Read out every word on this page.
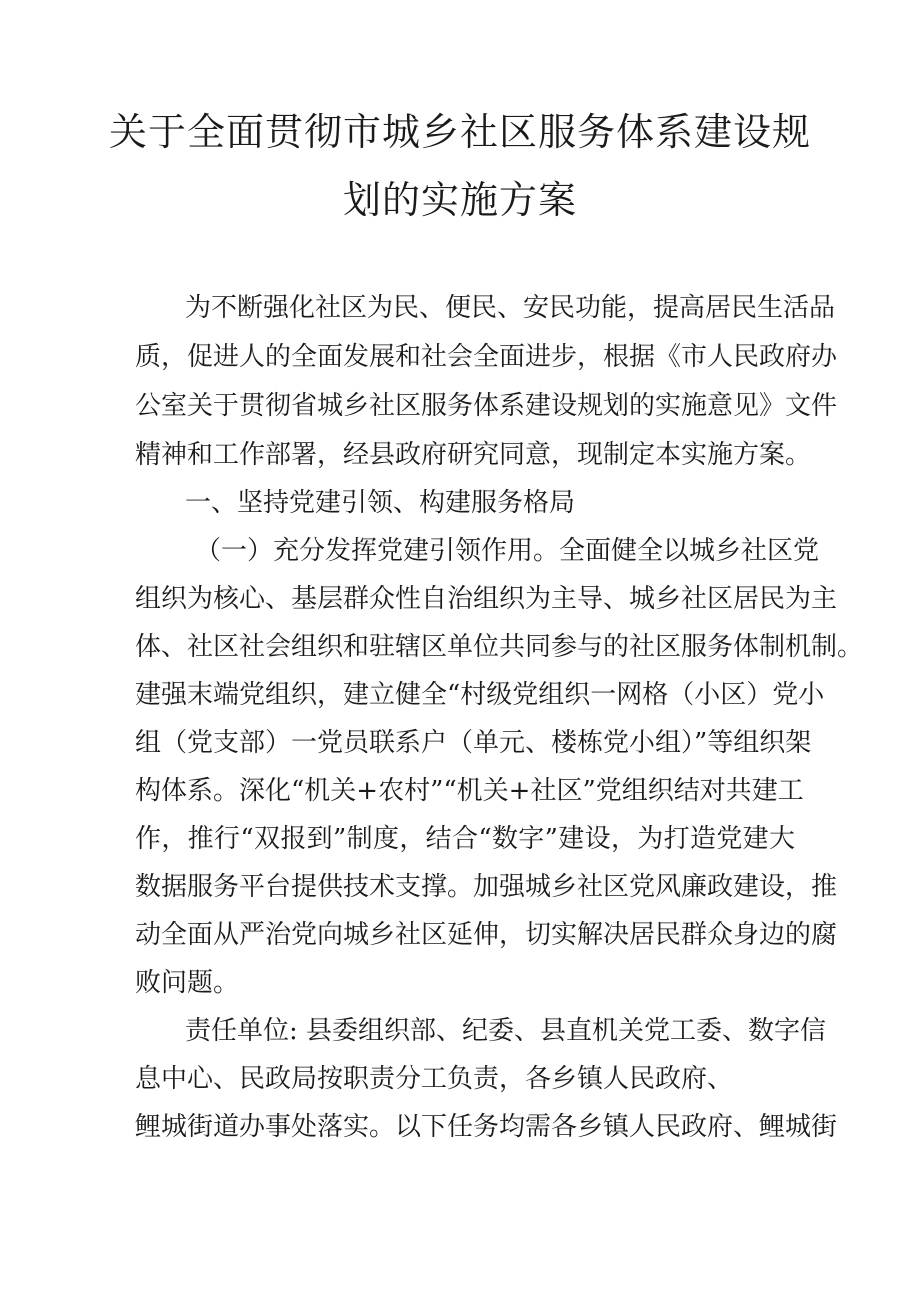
关于全面贯彻市城乡社区服务体系建设规
划的实施方案
为不断强化社区为民、便民、安民功能，提高居民生活品
质，促进人的全面发展和社会全面进步，根据《市人民政府办
公室关于贯彻省城乡社区服务体系建设规划的实施意见》文件
精神和工作部署，经县政府研究同意，现制定本实施方案。
一、坚持党建引领、构建服务格局
（一）充分发挥党建引领作用。全面健全以城乡社区党
组织为核心、基层群众性自治组织为主导、城乡社区居民为主
体、社区社会组织和驻辖区单位共同参与的社区服务体制机制。
建强末端党组织，建立健全“村级党组织一网格（小区）党小
组（党支部）一党员联系户（单元、楼栋党小组）”等组织架
构体系。深化“机关+农村”“机关+社区”党组织结对共建工
作，推行“双报到”制度，结合“数字”建设，为打造党建大
数据服务平台提供技术支撑。加强城乡社区党风廉政建设，推
动全面从严治党向城乡社区延伸，切实解决居民群众身边的腐
败问题。
责任单位: 县委组织部、纪委、县直机关党工委、数字信
息中心、民政局按职责分工负责，各乡镇人民政府、
鲤城街道办事处落实。以下任务均需各乡镇人民政府、鲤城街
